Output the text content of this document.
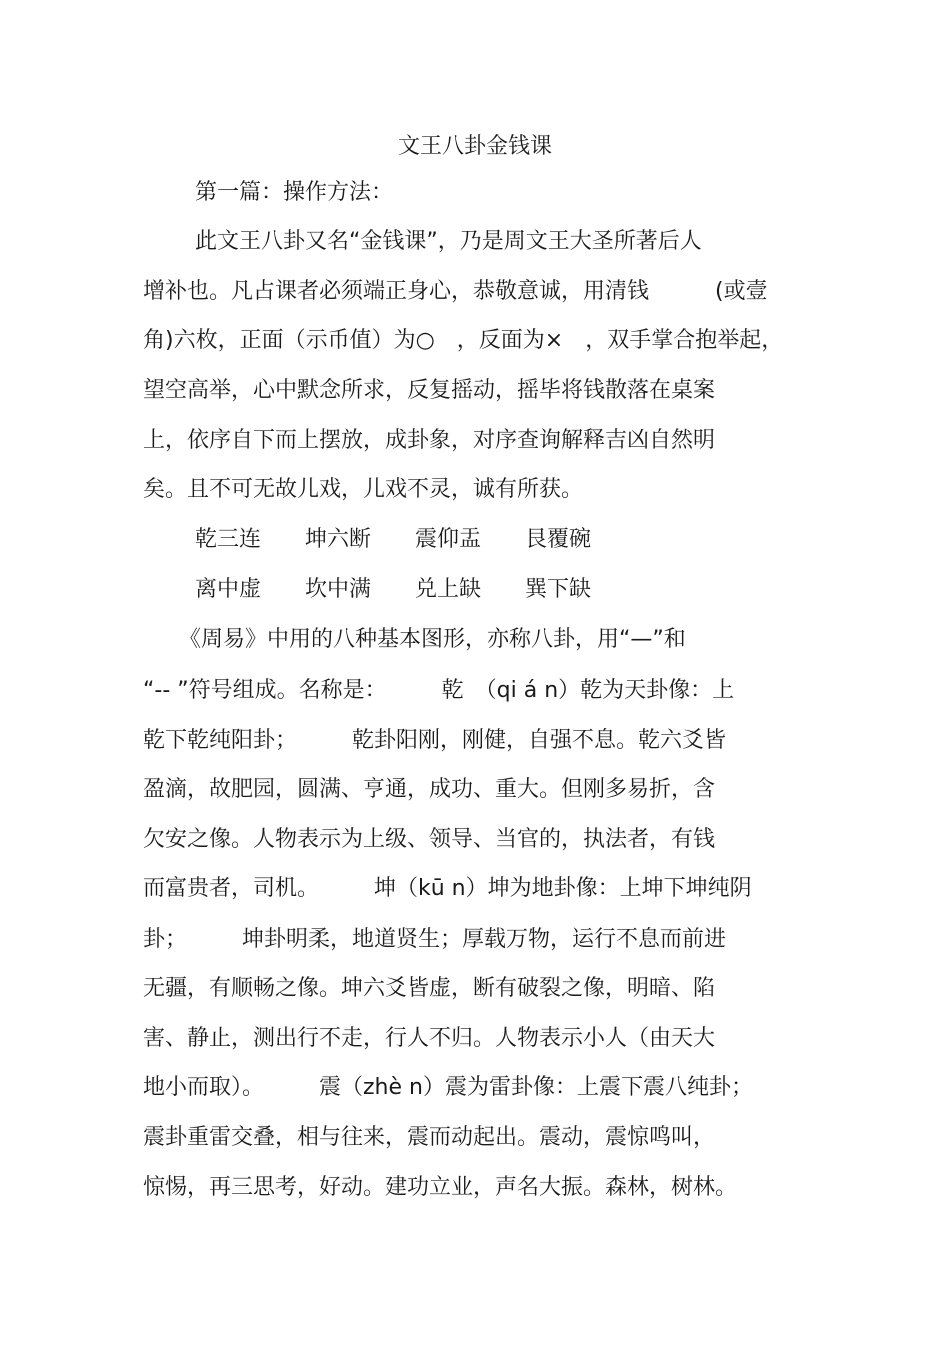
文王八卦金钱课
第一篇：操作方法：
此文王八卦又名“金钱课”，乃是周文王大圣所著后人
增补也。凡占课者必须端正身心，恭敬意诚，用清钱　　　(或壹
角)六枚，正面（示币值）为○　，反面为×　，双手掌合抱举起，
望空高举，心中默念所求，反复摇动，摇毕将钱散落在桌案
上，依序自下而上摆放，成卦象，对序查询解释吉凶自然明
矣。且不可无故儿戏，儿戏不灵，诚有所获。
乾三连　　坤六断　　震仰盂　　艮覆碗
离中虚　　坎中满　　兑上缺　　巽下缺
《周易》中用的八种基本图形，亦称八卦，用“—”和
“-- ”符号组成。名称是：　　　乾　（qi á n）乾为天卦像：上
乾下乾纯阳卦；　　　乾卦阳刚，刚健，自强不息。乾六爻皆
盈滴，故肥园，圆满、亨通，成功、重大。但刚多易折，含
欠安之像。人物表示为上级、领导、当官的，执法者，有钱
而富贵者，司机。　　　坤（kū n）坤为地卦像：上坤下坤纯阴
卦；　　　坤卦明柔，地道贤生；厚载万物，运行不息而前进
无疆，有顺畅之像。坤六爻皆虚，断有破裂之像，明暗、陷
害、静止，测出行不走，行人不归。人物表示小人（由天大
地小而取）。　　　震（zhè n）震为雷卦像：上震下震八纯卦；
震卦重雷交叠，相与往来，震而动起出。震动，震惊鸣叫，
惊惕，再三思考，好动。建功立业，声名大振。森林，树林。
